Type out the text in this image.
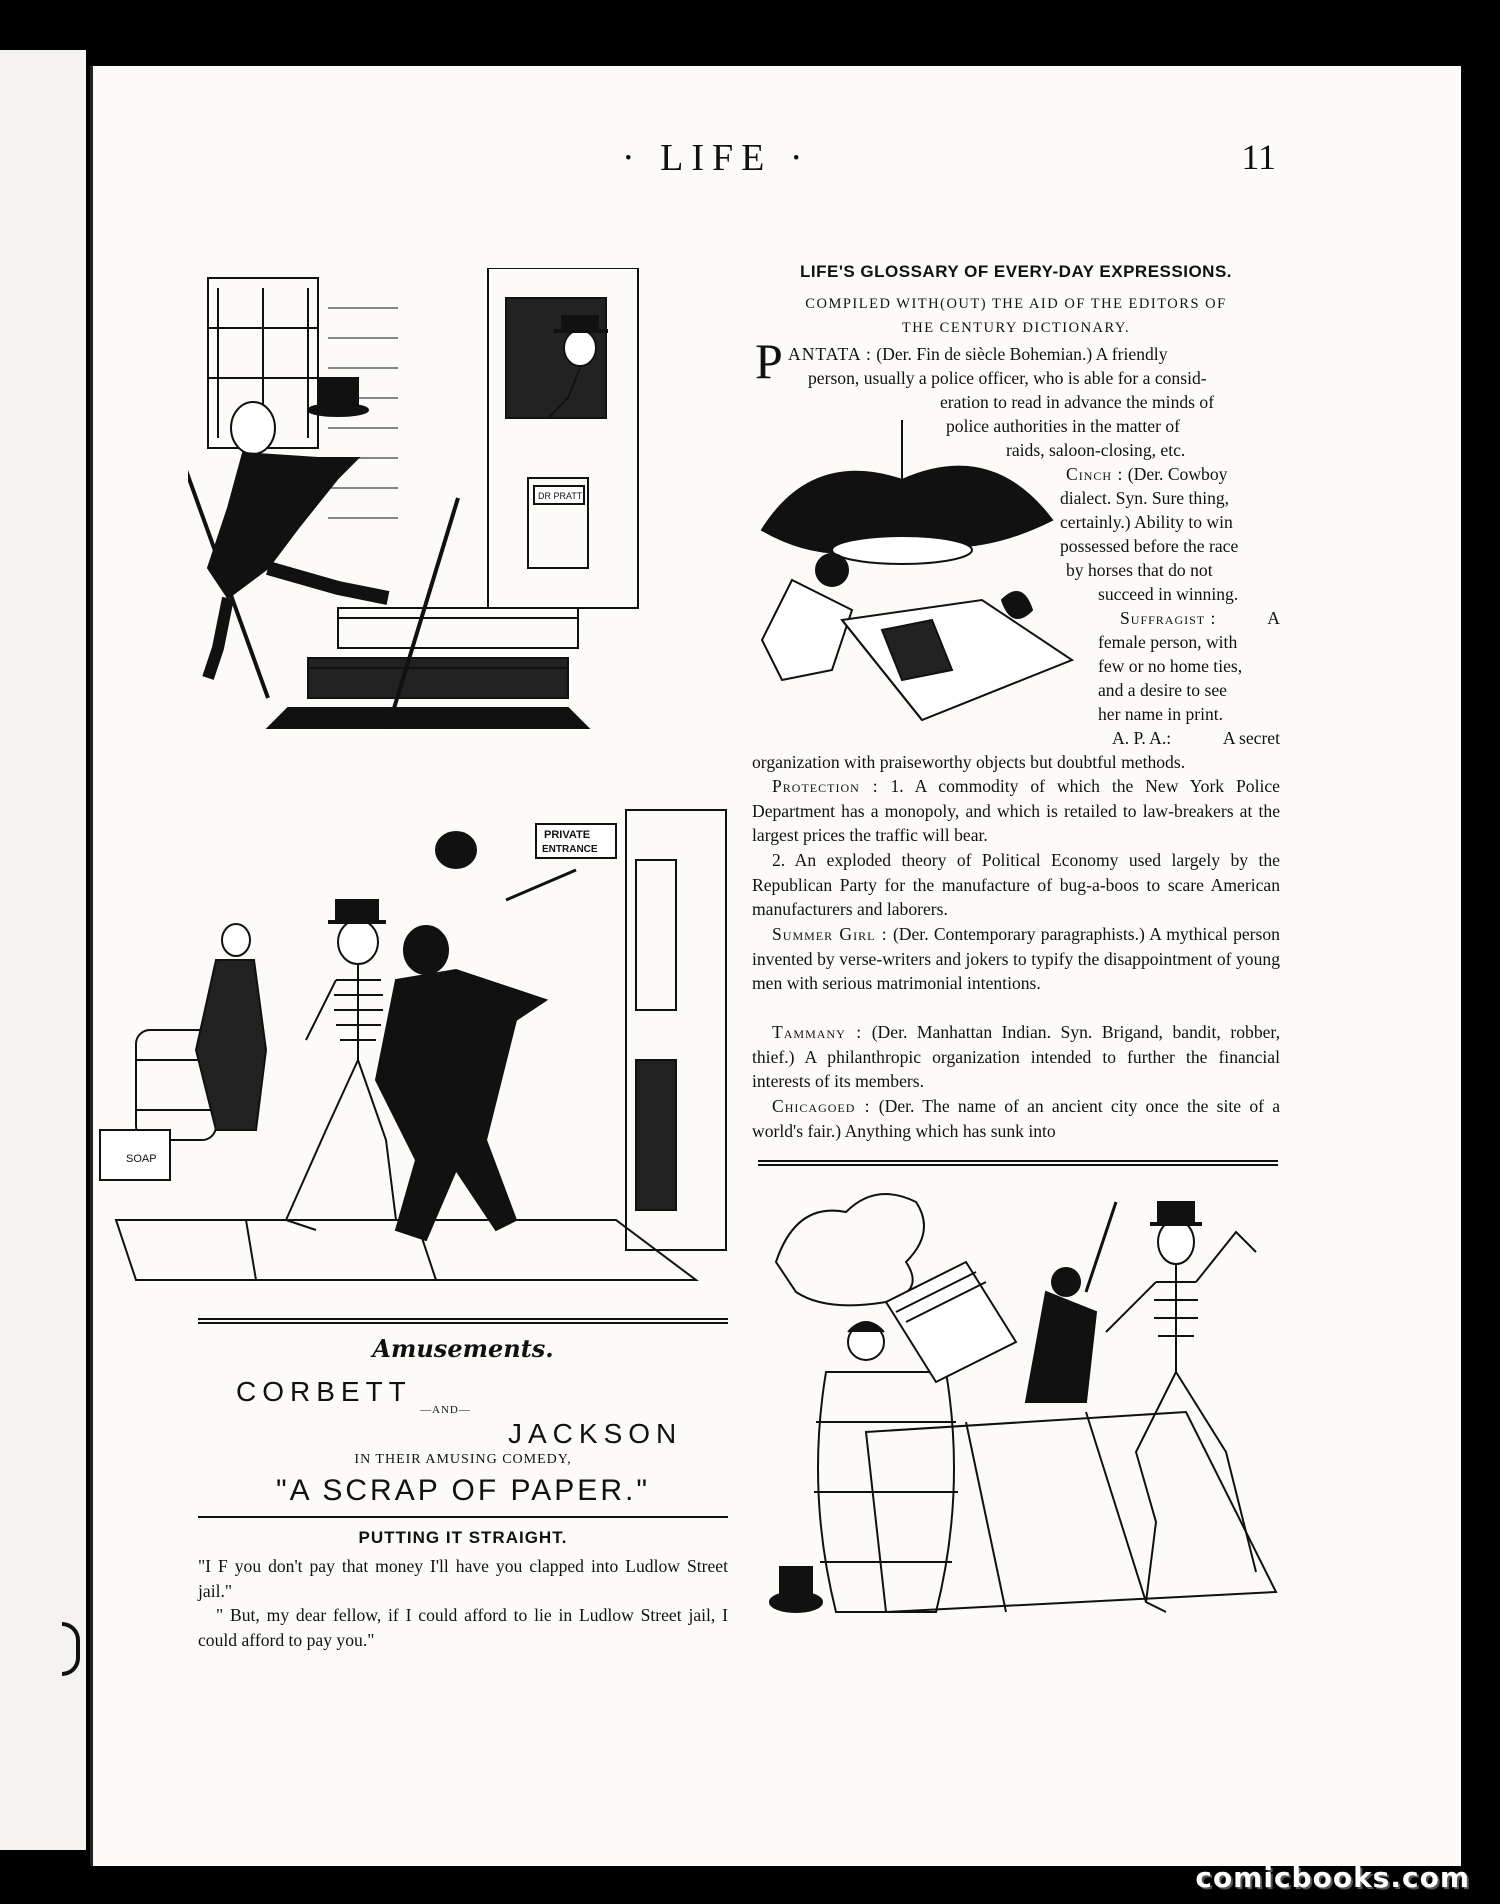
· LIFE ·	11
DR PRATT
PRIVATE
ENTRANCE
SOAP
LIFE'S GLOSSARY OF EVERY-DAY EXPRESSIONS.
COMPILED WITH(OUT) THE AID OF THE EDITORS OF
THE CENTURY DICTIONARY.
P ANTATA : (Der. Fin de siècle Bohemian.) A friendly
person, usually a police officer, who is able for a consid-
eration to read in advance the minds of
police authorities in the matter of
raids, saloon-closing, etc.
Cinch : (Der. Cowboy
dialect. Syn. Sure thing,
certainly.) Ability to win
possessed before the race
by horses that do not
succeed in winning.
Suffragist :	A
female person, with
few or no home ties,
and a desire to see
her name in print.
A. P. A.:	A secret
organization with praiseworthy objects but doubtful methods.
Protection : 1. A commodity of which the New York Police Department has a monopoly, and which is retailed to law-breakers at the largest prices the traffic will bear.
2. An exploded theory of Political Economy used largely by the Republican Party for the manufacture of bug-a-boos to scare American manufacturers and laborers.
Summer Girl : (Der. Contemporary paragraphists.) A mythical person invented by verse-writers and jokers to typify the disappointment of young men with serious matrimonial intentions.
Tammany : (Der. Manhattan Indian. Syn. Brigand, bandit, robber, thief.) A philanthropic organization intended to further the financial interests of its members.
Chicagoed : (Der. The name of an ancient city once the site of a world's fair.) Anything which has sunk into
Amusements.
CORBETT
—AND—
JACKSON
IN THEIR AMUSING COMEDY,
"A SCRAP OF PAPER."
PUTTING IT STRAIGHT.
"I F you don't pay that money I'll have you clapped into Ludlow Street jail."
" But, my dear fellow, if I could afford to lie in Ludlow Street jail, I could afford to pay you."
comicbooks.com
